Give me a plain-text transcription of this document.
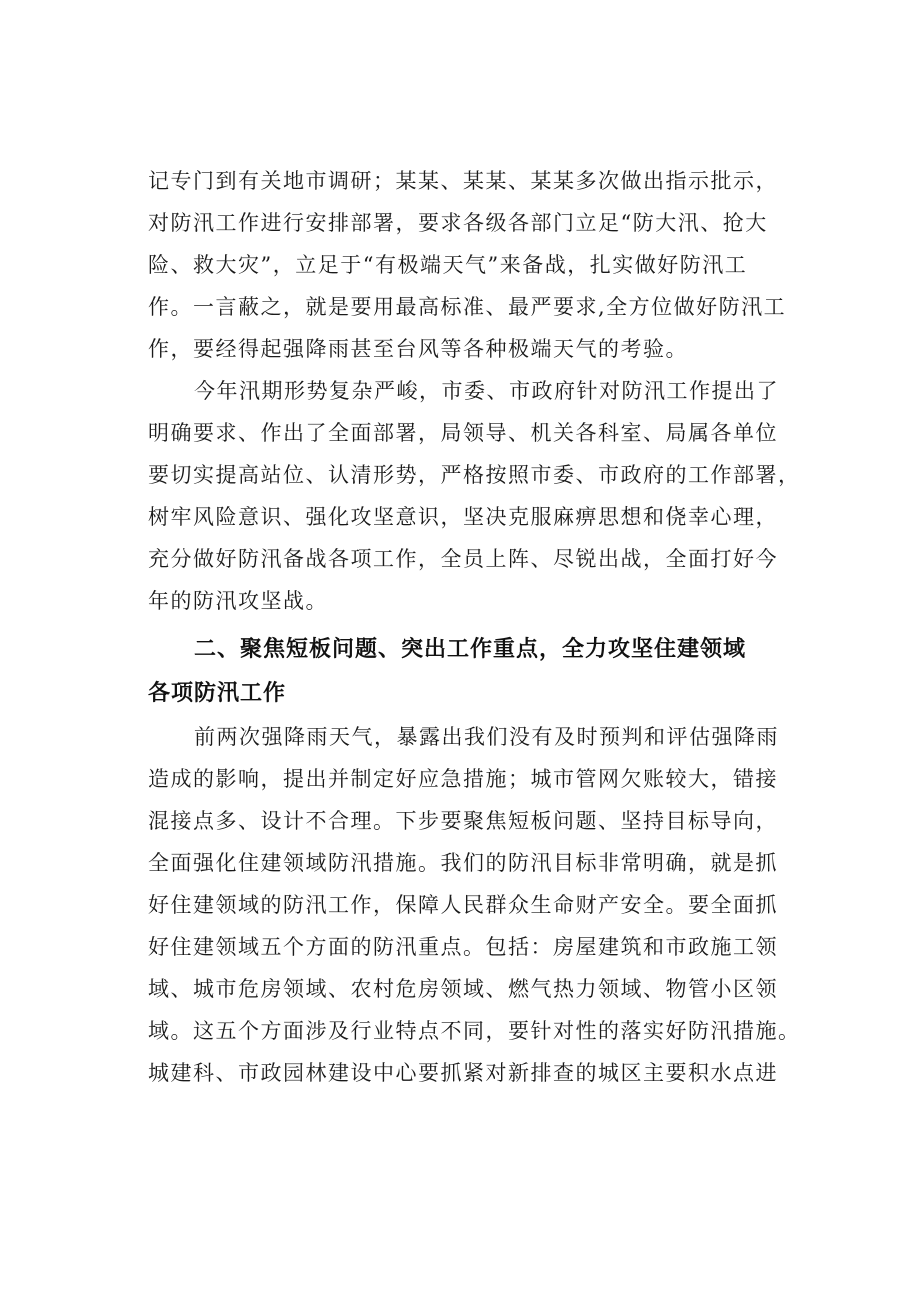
记专门到有关地市调研；某某、某某、某某多次做出指示批示，
对防汛工作进行安排部署，要求各级各部门立足“防大汛、抢大
险、救大灾”，立足于“有极端天气”来备战，扎实做好防汛工
作。一言蔽之，就是要用最高标准、最严要求,全方位做好防汛工
作，要经得起强降雨甚至台风等各种极端天气的考验。
今年汛期形势复杂严峻，市委、市政府针对防汛工作提出了
明确要求、作出了全面部署，局领导、机关各科室、局属各单位
要切实提高站位、认清形势，严格按照市委、市政府的工作部署，
树牢风险意识、强化攻坚意识，坚决克服麻痹思想和侥幸心理，
充分做好防汛备战各项工作，全员上阵、尽锐出战，全面打好今
年的防汛攻坚战。
二、聚焦短板问题、突出工作重点，全力攻坚住建领域
各项防汛工作
前两次强降雨天气，暴露出我们没有及时预判和评估强降雨
造成的影响，提出并制定好应急措施；城市管网欠账较大，错接
混接点多、设计不合理。下步要聚焦短板问题、坚持目标导向，
全面强化住建领域防汛措施。我们的防汛目标非常明确，就是抓
好住建领域的防汛工作，保障人民群众生命财产安全。要全面抓
好住建领域五个方面的防汛重点。包括：房屋建筑和市政施工领
域、城市危房领域、农村危房领域、燃气热力领域、物管小区领
域。这五个方面涉及行业特点不同，要针对性的落实好防汛措施。
城建科、市政园林建设中心要抓紧对新排查的城区主要积水点进
